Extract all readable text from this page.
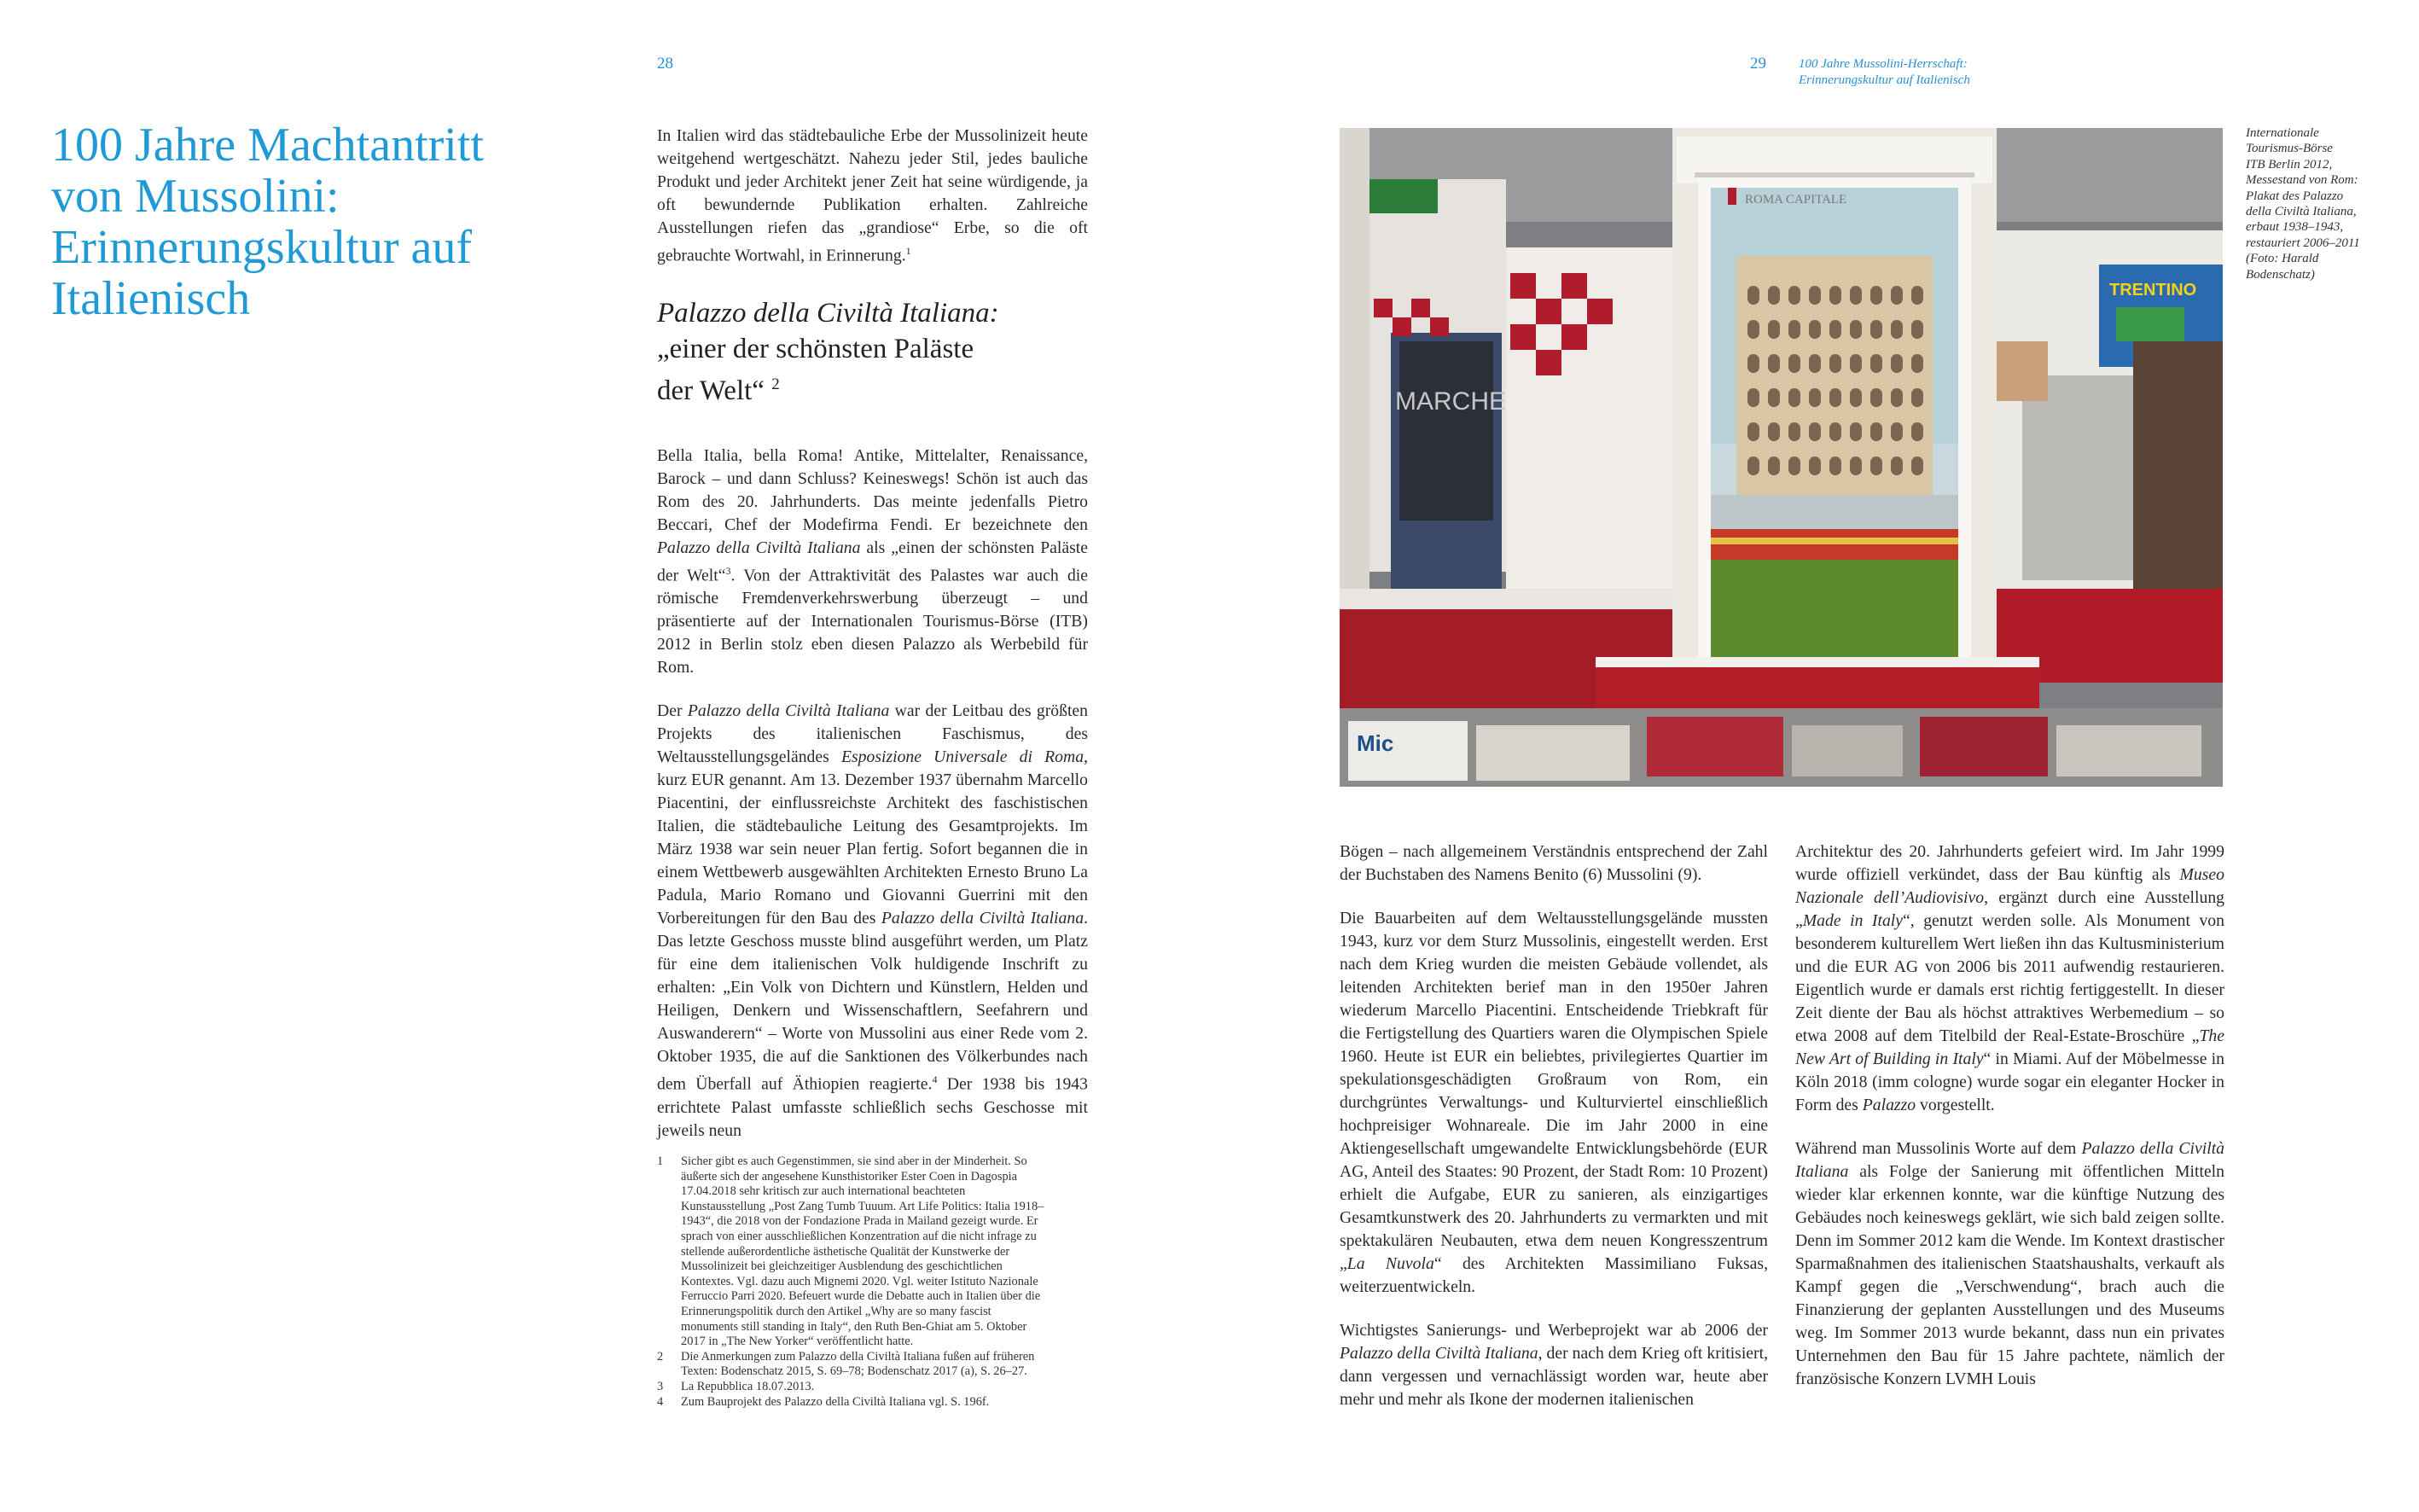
28
100 Jahre Machtantritt
von Mussolini:
Erinnerungskultur auf
Italienisch

In Italien wird das städtebauliche Erbe der Mussolinizeit heute weitgehend wertgeschätzt. Nahezu jeder Stil, jedes bauliche Produkt und jeder Architekt jener Zeit hat seine würdigende, ja oft bewundernde Publikation erhalten. Zahlreiche Ausstellungen riefen das „grandiose“ Erbe, so die oft gebrauchte Wortwahl, in Erinnerung.$^1$

Palazzo della Civiltà Italiana:
„einer der schönsten Paläste
der Welt“ $^2$

Bella Italia, bella Roma! Antike, Mittelalter, Renaissance, Barock – und dann Schluss? Keineswegs! Schön ist auch das Rom des 20. Jahrhunderts. Das meinte jedenfalls Pietro Beccari, Chef der Modefirma Fendi. Er bezeichnete den Palazzo della Civiltà Italiana als „einen der schönsten Paläste der Welt“$^3$. Von der Attraktivität des Palastes war auch die römische Fremdenverkehrswerbung überzeugt – und präsentierte auf der Internationalen Tourismus-Börse (ITB) 2012 in Berlin stolz eben diesen Palazzo als Werbebild für Rom.

Der Palazzo della Civiltà Italiana war der Leitbau des größten Projekts des italienischen Faschismus, des Weltausstellungsgeländes Esposizione Universale di Roma, kurz EUR genannt. Am 13. Dezember 1937 übernahm Marcello Piacentini, der einflussreichste Architekt des faschistischen Italien, die städtebauliche Leitung des Gesamtprojekts. Im März 1938 war sein neuer Plan fertig. Sofort begannen die in einem Wettbewerb ausgewählten Architekten Ernesto Bruno La Padula, Mario Romano und Giovanni Guerrini mit den Vorbereitungen für den Bau des Palazzo della Civiltà Italiana. Das letzte Geschoss musste blind ausgeführt werden, um Platz für eine dem italienischen Volk huldigende Inschrift zu erhalten: „Ein Volk von Dichtern und Künstlern, Helden und Heiligen, Denkern und Wissenschaftlern, Seefahrern und Auswanderern“ – Worte von Mussolini aus einer Rede vom 2. Oktober 1935, die auf die Sanktionen des Völkerbundes nach dem Überfall auf Äthiopien reagierte.$^4$ Der 1938 bis 1943 errichtete Palast umfasste schließlich sechs Geschosse mit jeweils neun

1	Sicher gibt es auch Gegenstimmen, sie sind aber in der Minderheit. So äußerte sich der angesehene Kunsthistoriker Ester Coen in Dagospia 17.04.2018 sehr kritisch zur auch international beachteten Kunstausstellung „Post Zang Tumb Tuuum. Art Life Politics: Italia 1918–1943“, die 2018 von der Fondazione Prada in Mailand gezeigt wurde. Er sprach von einer ausschließlichen Konzentration auf die nicht infrage zu stellende außerordentliche ästhetische Qualität der Kunstwerke der Mussolinizeit bei gleichzeitiger Ausblendung des geschichtlichen Kontextes. Vgl. dazu auch Mignemi 2020. Vgl. weiter Istituto Nazionale Ferruccio Parri 2020. Befeuert wurde die Debatte auch in Italien über die Erinnerungspolitik durch den Artikel „Why are so many fascist monuments still standing in Italy“, den Ruth Ben-Ghiat am 5. Oktober 2017 in „The New Yorker“ veröffentlicht hatte.
2	Die Anmerkungen zum Palazzo della Civiltà Italiana fußen auf früheren Texten: Bodenschatz 2015, S. 69–78; Bodenschatz 2017 (a), S. 26–27.
3	La Repubblica 18.07.2013.
4	Zum Bauprojekt des Palazzo della Civiltà Italiana vgl. S. 196f.
29	100 Jahre Mussolini-Herrschaft:
Erinnerungskultur auf Italienisch
MARCHE
TRENTINO
ROMA CAPITALE
Mic
Internationale
Tourismus-Börse
ITB Berlin 2012,
Messestand von Rom:
Plakat des Palazzo
della Civiltà Italiana,
erbaut 1938–1943,
restauriert 2006–2011
(Foto: Harald
Bodenschatz)

Bögen – nach allgemeinem Verständnis entsprechend der Zahl der Buchstaben des Namens Benito (6) Mussolini (9).

Die Bauarbeiten auf dem Weltausstellungsgelände mussten 1943, kurz vor dem Sturz Mussolinis, eingestellt werden. Erst nach dem Krieg wurden die meisten Gebäude vollendet, als leitenden Architekten berief man in den 1950er Jahren wiederum Marcello Piacentini. Entscheidende Triebkraft für die Fertigstellung des Quartiers waren die Olympischen Spiele 1960. Heute ist EUR ein beliebtes, privilegiertes Quartier im spekulationsgeschädigten Großraum von Rom, ein durchgrüntes Verwaltungs- und Kulturviertel einschließlich hochpreisiger Wohnareale. Die im Jahr 2000 in eine Aktiengesellschaft umgewandelte Entwicklungsbehörde (EUR AG, Anteil des Staates: 90 Prozent, der Stadt Rom: 10 Prozent) erhielt die Aufgabe, EUR zu sanieren, als einzigartiges Gesamtkunstwerk des 20. Jahrhunderts zu vermarkten und mit spektakulären Neubauten, etwa dem neuen Kongresszentrum „La Nuvola“ des Architekten Massimiliano Fuksas, weiterzuentwickeln.

Wichtigstes Sanierungs- und Werbeprojekt war ab 2006 der Palazzo della Civiltà Italiana, der nach dem Krieg oft kritisiert, dann vergessen und vernachlässigt worden war, heute aber mehr und mehr als Ikone der modernen italienischen

Architektur des 20. Jahrhunderts gefeiert wird. Im Jahr 1999 wurde offiziell verkündet, dass der Bau künftig als Museo Nazionale dell’Audiovisivo, ergänzt durch eine Ausstellung „Made in Italy“, genutzt werden solle. Als Monument von besonderem kulturellem Wert ließen ihn das Kultusministerium und die EUR AG von 2006 bis 2011 aufwendig restaurieren. Eigentlich wurde er damals erst richtig fertiggestellt. In dieser Zeit diente der Bau als höchst attraktives Werbemedium – so etwa 2008 auf dem Titelbild der Real-Estate-Broschüre „The New Art of Building in Italy“ in Miami. Auf der Möbelmesse in Köln 2018 (imm cologne) wurde sogar ein eleganter Hocker in Form des Palazzo vorgestellt.

Während man Mussolinis Worte auf dem Palazzo della Civiltà Italiana als Folge der Sanierung mit öffentlichen Mitteln wieder klar erkennen konnte, war die künftige Nutzung des Gebäudes noch keineswegs geklärt, wie sich bald zeigen sollte. Denn im Sommer 2012 kam die Wende. Im Kontext drastischer Sparmaßnahmen des italienischen Staatshaushalts, verkauft als Kampf gegen die „Verschwendung“, brach auch die Finanzierung der geplanten Ausstellungen und des Museums weg. Im Sommer 2013 wurde bekannt, dass nun ein privates Unternehmen den Bau für 15 Jahre pachtete, nämlich der französische Konzern LVMH Louis
